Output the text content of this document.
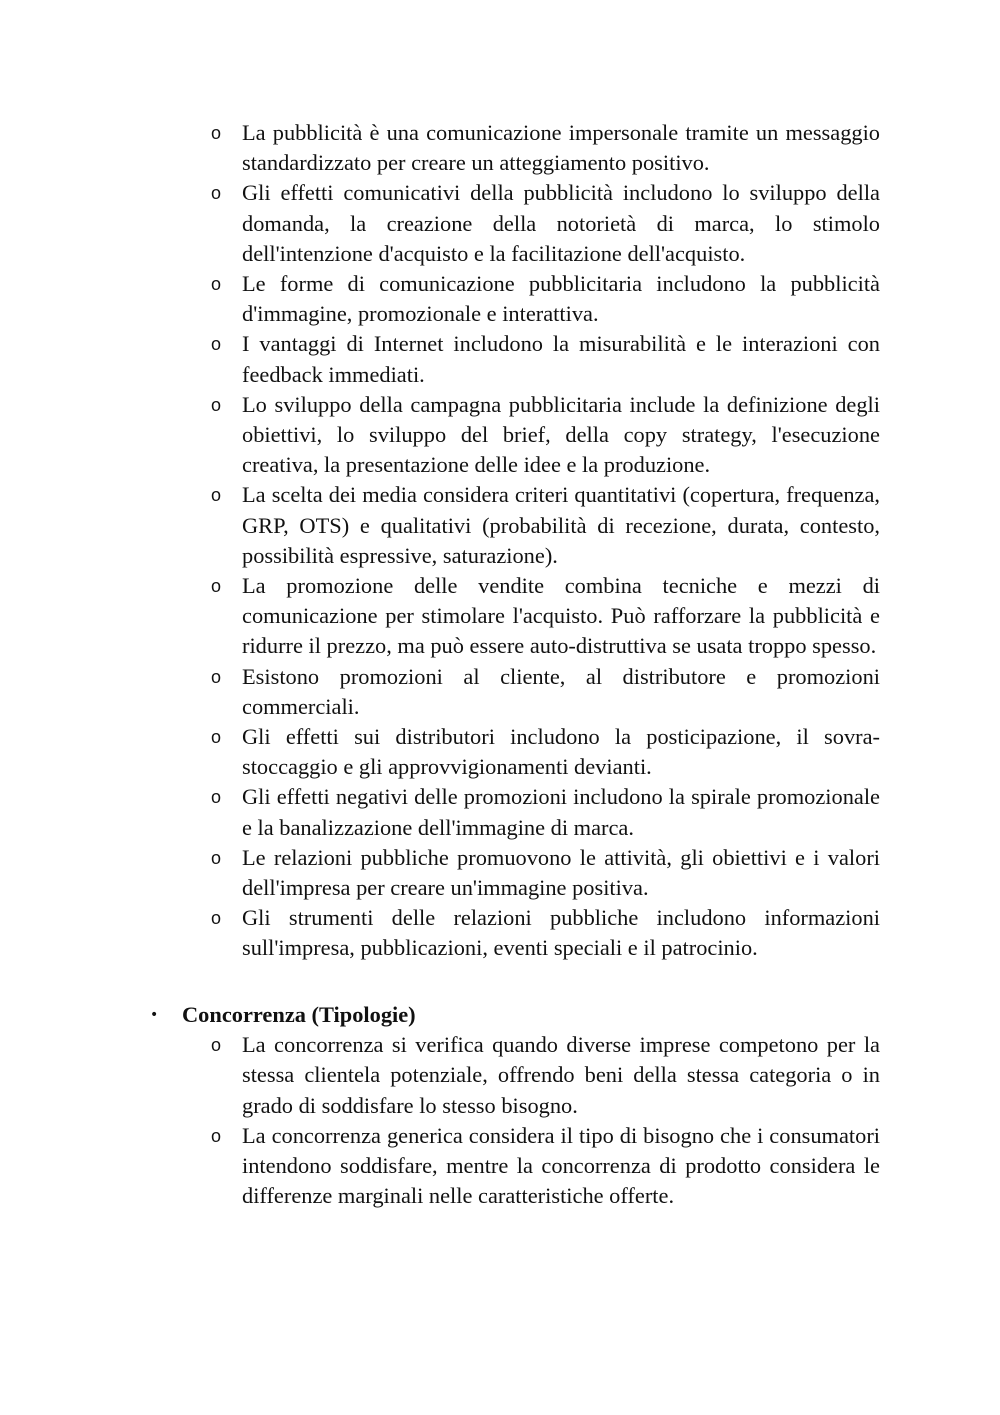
o La pubblicità è una comunicazione impersonale tramite un messaggio standardizzato per creare un atteggiamento positivo.
o Gli effetti comunicativi della pubblicità includono lo sviluppo della domanda, la creazione della notorietà di marca, lo stimolo dell'intenzione d'acquisto e la facilitazione dell'acquisto.
o Le forme di comunicazione pubblicitaria includono la pubblicità d'immagine, promozionale e interattiva.
o I vantaggi di Internet includono la misurabilità e le interazioni con feedback immediati.
o Lo sviluppo della campagna pubblicitaria include la definizione degli obiettivi, lo sviluppo del brief, della copy strategy, l'esecuzione creativa, la presentazione delle idee e la produzione.
o La scelta dei media considera criteri quantitativi (copertura, frequenza, GRP, OTS) e qualitativi (probabilità di recezione, durata, contesto, possibilità espressive, saturazione).
o La promozione delle vendite combina tecniche e mezzi di comunicazione per stimolare l'acquisto. Può rafforzare la pubblicità e ridurre il prezzo, ma può essere auto-distruttiva se usata troppo spesso.
o Esistono promozioni al cliente, al distributore e promozioni commerciali.
o Gli effetti sui distributori includono la posticipazione, il sovra-stoccaggio e gli approvvigionamenti devianti.
o Gli effetti negativi delle promozioni includono la spirale promozionale e la banalizzazione dell'immagine di marca.
o Le relazioni pubbliche promuovono le attività, gli obiettivi e i valori dell'impresa per creare un'immagine positiva.
o Gli strumenti delle relazioni pubbliche includono informazioni sull'impresa, pubblicazioni, eventi speciali e il patrocinio.
• Concorrenza (Tipologie)
o La concorrenza si verifica quando diverse imprese competono per la stessa clientela potenziale, offrendo beni della stessa categoria o in grado di soddisfare lo stesso bisogno.
o La concorrenza generica considera il tipo di bisogno che i consumatori intendono soddisfare, mentre la concorrenza di prodotto considera le differenze marginali nelle caratteristiche offerte.
